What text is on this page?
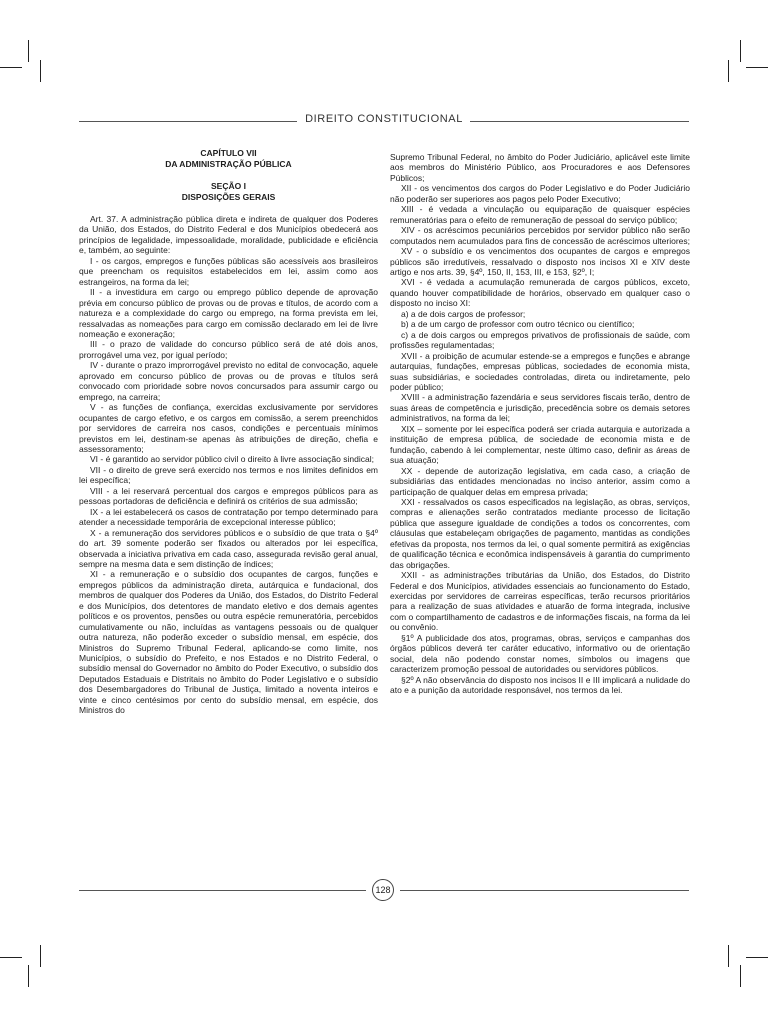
DIREITO CONSTITUCIONAL
CAPÍTULO VII
DA ADMINISTRAÇÃO PÚBLICA
SEÇÃO I
DISPOSIÇÕES GERAIS

Art. 37. A administração pública direta e indireta de qualquer dos Poderes da União, dos Estados, do Distrito Federal e dos Municípios obedecerá aos princípios de legalidade, impessoalidade, moralidade, publicidade e eficiência e, também, ao seguinte:

I - os cargos, empregos e funções públicas são acessíveis aos brasileiros que preencham os requisitos estabelecidos em lei, assim como aos estrangeiros, na forma da lei;

II - a investidura em cargo ou emprego público depende de aprovação prévia em concurso público de provas ou de provas e títulos, de acordo com a natureza e a complexidade do cargo ou emprego, na forma prevista em lei, ressalvadas as nomeações para cargo em comissão declarado em lei de livre nomeação e exoneração;

III - o prazo de validade do concurso público será de até dois anos, prorrogável uma vez, por igual período;

IV - durante o prazo improrrogável previsto no edital de convocação, aquele aprovado em concurso público de provas ou de provas e títulos será convocado com prioridade sobre novos concursados para assumir cargo ou emprego, na carreira;

V - as funções de confiança, exercidas exclusivamente por servidores ocupantes de cargo efetivo, e os cargos em comissão, a serem preenchidos por servidores de carreira nos casos, condições e percentuais mínimos previstos em lei, destinam-se apenas às atribuições de direção, chefia e assessoramento;

VI - é garantido ao servidor público civil o direito à livre associação sindical;

VII - o direito de greve será exercido nos termos e nos limites definidos em lei específica;

VIII - a lei reservará percentual dos cargos e empregos públicos para as pessoas portadoras de deficiência e definirá os critérios de sua admissão;

IX - a lei estabelecerá os casos de contratação por tempo determinado para atender a necessidade temporária de excepcional interesse público;

X - a remuneração dos servidores públicos e o subsídio de que trata o §4º do art. 39 somente poderão ser fixados ou alterados por lei específica, observada a iniciativa privativa em cada caso, assegurada revisão geral anual, sempre na mesma data e sem distinção de índices;

XI - a remuneração e o subsídio dos ocupantes de cargos, funções e empregos públicos da administração direta, autárquica e fundacional, dos membros de qualquer dos Poderes da União, dos Estados, do Distrito Federal e dos Municípios, dos detentores de mandato eletivo e dos demais agentes políticos e os proventos, pensões ou outra espécie remuneratória, percebidos cumulativamente ou não, incluídas as vantagens pessoais ou de qualquer outra natureza, não poderão exceder o subsídio mensal, em espécie, dos Ministros do Supremo Tribunal Federal, aplicando-se como limite, nos Municípios, o subsídio do Prefeito, e nos Estados e no Distrito Federal, o subsídio mensal do Governador no âmbito do Poder Executivo, o subsídio dos Deputados Estaduais e Distritais no âmbito do Poder Legislativo e o subsídio dos Desembargadores do Tribunal de Justiça, limitado a noventa inteiros e vinte e cinco centésimos por cento do subsídio mensal, em espécie, dos Ministros do

Supremo Tribunal Federal, no âmbito do Poder Judiciário, aplicável este limite aos membros do Ministério Público, aos Procuradores e aos Defensores Públicos;

XII - os vencimentos dos cargos do Poder Legislativo e do Poder Judiciário não poderão ser superiores aos pagos pelo Poder Executivo;

XIII - é vedada a vinculação ou equiparação de quaisquer espécies remuneratórias para o efeito de remuneração de pessoal do serviço público;

XIV - os acréscimos pecuniários percebidos por servidor público não serão computados nem acumulados para fins de concessão de acréscimos ulteriores;

XV - o subsídio e os vencimentos dos ocupantes de cargos e empregos públicos são irredutíveis, ressalvado o disposto nos incisos XI e XIV deste artigo e nos arts. 39, §4º, 150, II, 153, III, e 153, §2º, I;

XVI - é vedada a acumulação remunerada de cargos públicos, exceto, quando houver compatibilidade de horários, observado em qualquer caso o disposto no inciso XI:

a) a de dois cargos de professor;

b) a de um cargo de professor com outro técnico ou científico;

c) a de dois cargos ou empregos privativos de profissionais de saúde, com profissões regulamentadas;

XVII - a proibição de acumular estende-se a empregos e funções e abrange autarquias, fundações, empresas públicas, sociedades de economia mista, suas subsidiárias, e sociedades controladas, direta ou indiretamente, pelo poder público;

XVIII - a administração fazendária e seus servidores fiscais terão, dentro de suas áreas de competência e jurisdição, precedência sobre os demais setores administrativos, na forma da lei;

XIX – somente por lei específica poderá ser criada autarquia e autorizada a instituição de empresa pública, de sociedade de economia mista e de fundação, cabendo à lei complementar, neste último caso, definir as áreas de sua atuação;

XX - depende de autorização legislativa, em cada caso, a criação de subsidiárias das entidades mencionadas no inciso anterior, assim como a participação de qualquer delas em empresa privada;

XXI - ressalvados os casos especificados na legislação, as obras, serviços, compras e alienações serão contratados mediante processo de licitação pública que assegure igualdade de condições a todos os concorrentes, com cláusulas que estabeleçam obrigações de pagamento, mantidas as condições efetivas da proposta, nos termos da lei, o qual somente permitirá as exigências de qualificação técnica e econômica indispensáveis à garantia do cumprimento das obrigações.

XXII - as administrações tributárias da União, dos Estados, do Distrito Federal e dos Municípios, atividades essenciais ao funcionamento do Estado, exercidas por servidores de carreiras específicas, terão recursos prioritários para a realização de suas atividades e atuarão de forma integrada, inclusive com o compartilhamento de cadastros e de informações fiscais, na forma da lei ou convênio.

§1º A publicidade dos atos, programas, obras, serviços e campanhas dos órgãos públicos deverá ter caráter educativo, informativo ou de orientação social, dela não podendo constar nomes, símbolos ou imagens que caracterizem promoção pessoal de autoridades ou servidores públicos.

§2º A não observância do disposto nos incisos II e III implicará a nulidade do ato e a punição da autoridade responsável, nos termos da lei.

128
